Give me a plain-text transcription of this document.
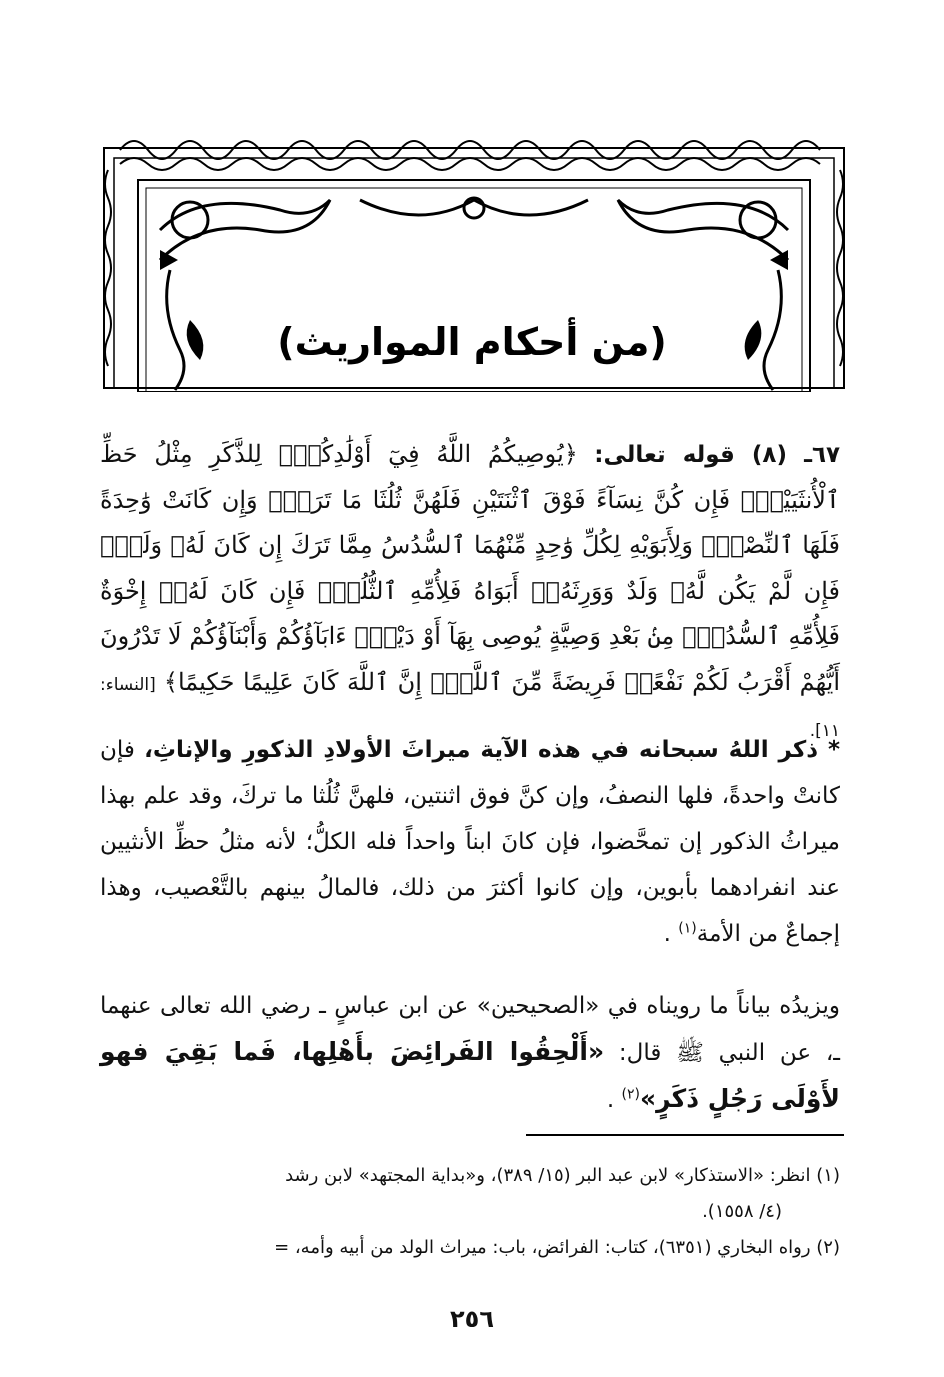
(من أحكام المواريث)
٦٧ـ (٨) قوله تعالى: ﴿يُوصِيكُمُ اللَّهُ فِيٓ أَوْلَٰدِكُمْۖ لِلذَّكَرِ مِثْلُ حَظِّ ٱلْأُنثَيَيْنِۚ فَإِن كُنَّ نِسَآءً فَوْقَ ٱثْنَتَيْنِ فَلَهُنَّ ثُلُثَا مَا تَرَكَۖ وَإِن كَانَتْ وَٰحِدَةً فَلَهَا ٱلنِّصْفُۚ وَلِأَبَوَيْهِ لِكُلِّ وَٰحِدٍ مِّنْهُمَا ٱلسُّدُسُ مِمَّا تَرَكَ إِن كَانَ لَهُۥ وَلَدٌۚ فَإِن لَّمْ يَكُن لَّهُۥ وَلَدٌ وَوَرِثَهُۥٓ أَبَوَاهُ فَلِأُمِّهِ ٱلثُّلُثُۚ فَإِن كَانَ لَهُۥٓ إِخْوَةٌ فَلِأُمِّهِ ٱلسُّدُسُۚ مِنۢ بَعْدِ وَصِيَّةٍ يُوصِى بِهَآ أَوْ دَيْنٍۗ ءَابَآؤُكُمْ وَأَبْنَآؤُكُمْ لَا تَدْرُونَ أَيُّهُمْ أَقْرَبُ لَكُمْ نَفْعًاۚ فَرِيضَةً مِّنَ ٱللَّهِۗ إِنَّ ٱللَّهَ كَانَ عَلِيمًا حَكِيمًا﴾ [النساء: ١١].
* ذكر اللهُ سبحانه في هذه الآية ميراثَ الأولادِ الذكورِ والإناثِ، فإن كانتْ واحدةً، فلها النصفُ، وإن كنَّ فوق اثنتين، فلهنَّ ثُلُثا ما تركَ، وقد علم بهذا ميراثُ الذكور إن تمحَّضوا، فإن كانَ ابناً واحداً فله الكلُّ؛ لأنه مثلُ حظِّ الأنثيين عند انفرادهما بأبوين، وإن كانوا أكثرَ من ذلك، فالمالُ بينهم بالتَّعْصيب، وهذا إجماعٌ من الأمة$^{(١)}$ .
ويزيدُه بياناً ما رويناه في «الصحيحين» عن ابن عباسٍ ـ رضي الله تعالى عنهما ـ، عن النبي ﷺ قال: «أَلْحِقُوا الفَرائِضَ بأَهْلِها، فَما بَقِيَ فهو لأَوْلَى رَجُلٍ ذَكَرٍ»$^{(٢)}$ .

(١) انظر: «الاستذكار» لابن عبد البر (١٥/ ٣٨٩)، و«بداية المجتهد» لابن رشد

(٤/ ١٥٥٨).

(٢) رواه البخاري (٦٣٥١)، كتاب: الفرائض، باب: ميراث الولد من أبيه وأمه، =

٢٥٦
